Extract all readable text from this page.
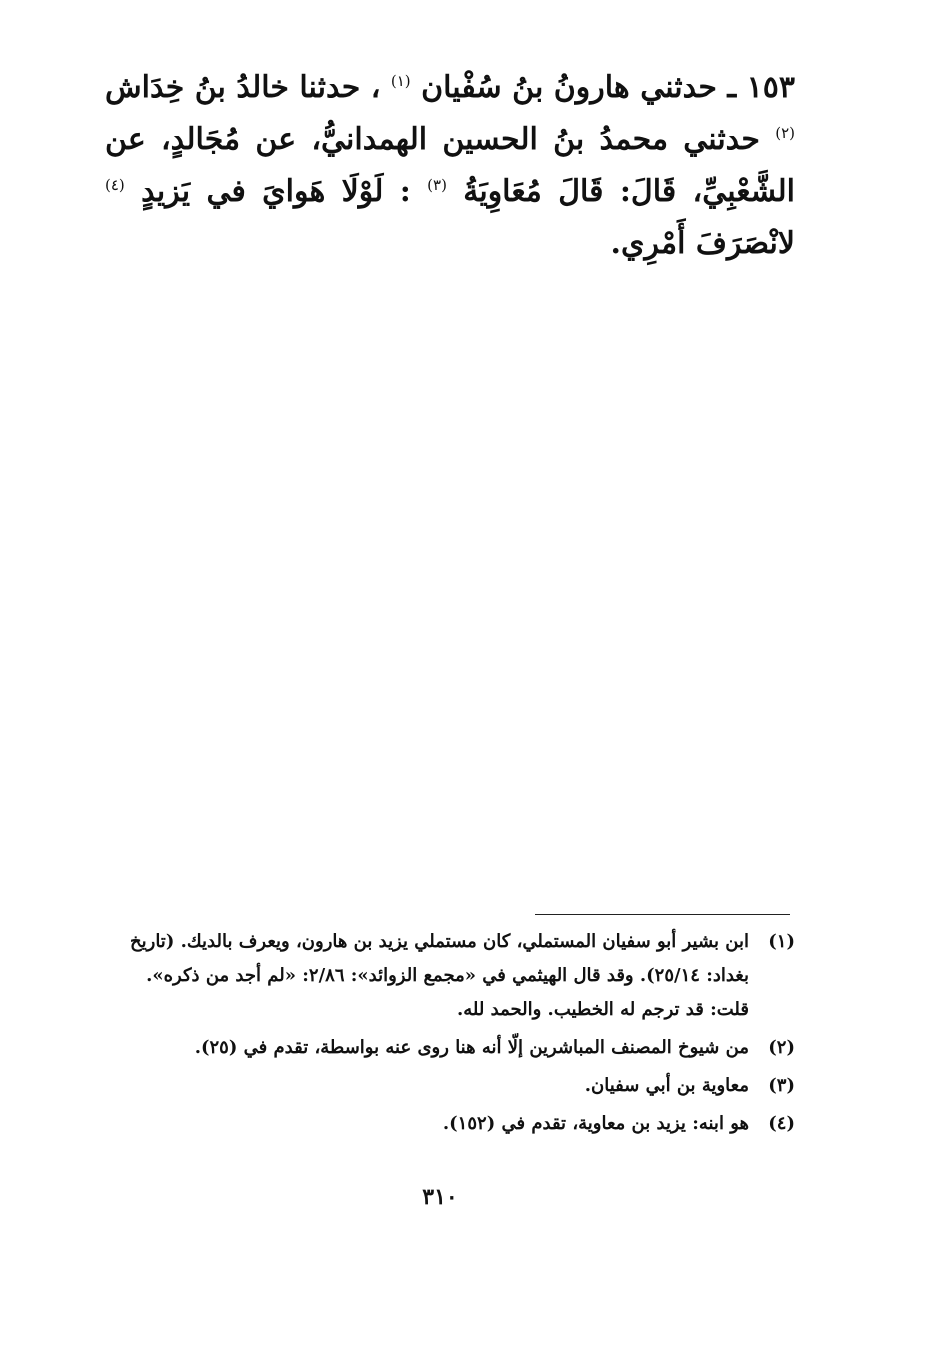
١٥٣ ـ حدثني هارونُ بنُ سُفْيان $^{(١)}$ ، حدثنا خالدُ بنُ خِدَاش $^{(٢)}$ حدثني محمدُ بنُ الحسين الهمدانيُّ، عن مُجَالدٍ، عن الشَّعْبِيِّ، قَالَ: قَالَ مُعَاوِيَةُ $^{(٣)}$ : لَوْلَا هَوايَ في يَزيدٍ $^{(٤)}$ لانْصَرَفَ أَمْرِي.

(١)
ابن بشير أبو سفيان المستملي، كان مستملي يزيد بن هارون، ويعرف بالديك. (تاريخ بغداد: ٢٥/١٤). وقد قال الهيثمي في «مجمع الزوائد»: ٢/٨٦: «لم أجد من ذكره». قلت: قد ترجم له الخطيب. والحمد لله.

(٢)
من شيوخ المصنف المباشرين إلّا أنه هنا روى عنه بواسطة، تقدم في (٢٥).

(٣)
معاوية بن أبي سفيان.

(٤)
هو ابنه: يزيد بن معاوية، تقدم في (١٥٢).

٣١٠
